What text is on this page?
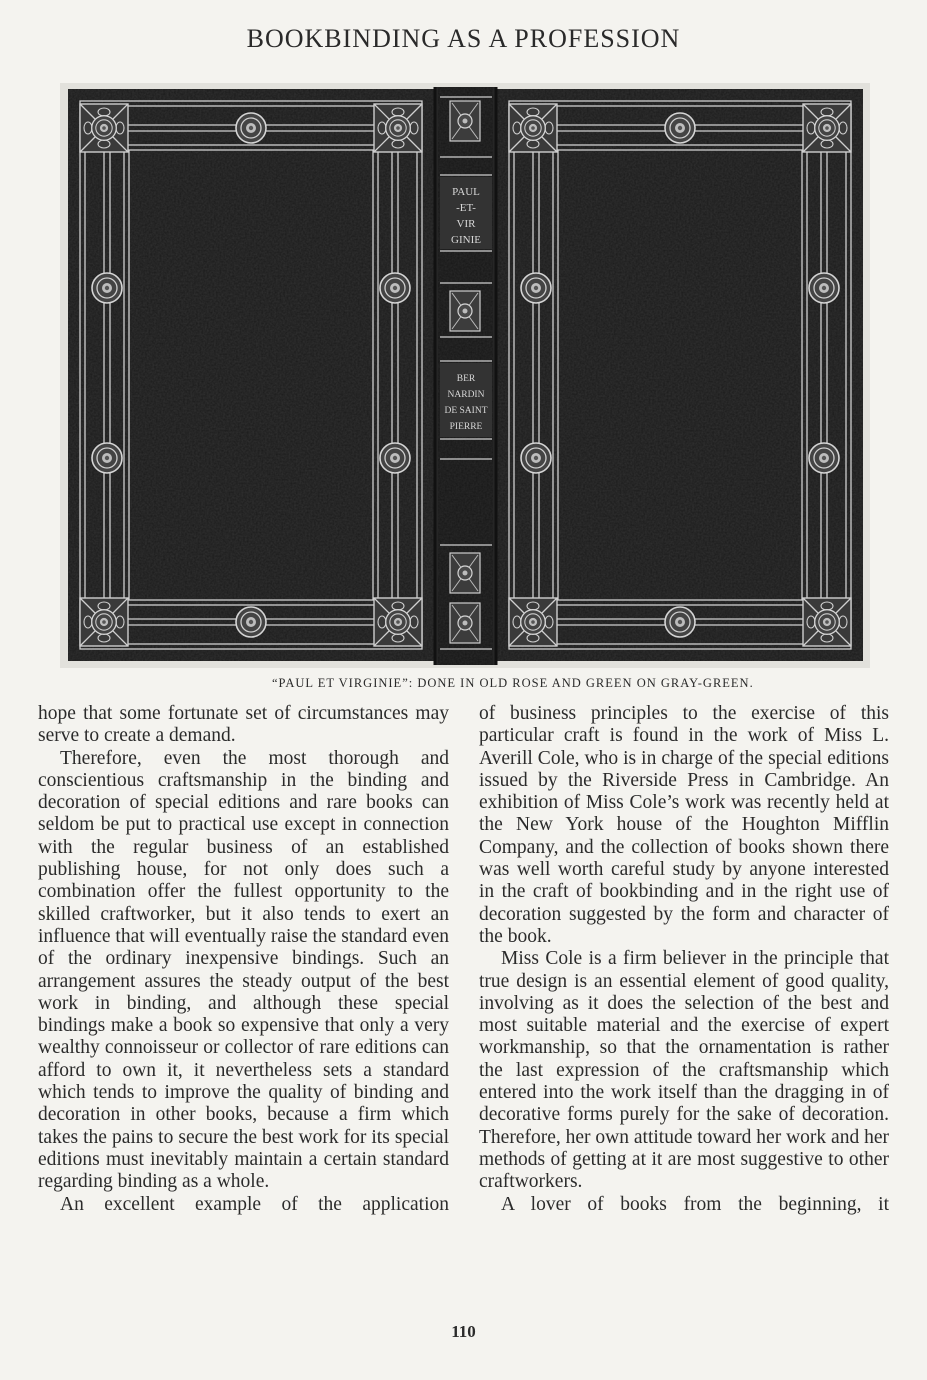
BOOKBINDING AS A PROFESSION
PAUL
-ET-
VIR
GINIE
BER
NARDIN
DE SAINT
PIERRE
“PAUL ET VIRGINIE”: DONE IN OLD ROSE AND GREEN ON GRAY-GREEN.

hope that some fortunate set of circumstances may serve to create a demand.

Therefore, even the most thorough and conscientious craftsmanship in the binding and decoration of special editions and rare books can seldom be put to practical use except in connection with the regular business of an established publishing house, for not only does such a combination offer the fullest opportunity to the skilled craftworker, but it also tends to exert an influence that will eventually raise the standard even of the ordinary inexpensive bindings. Such an arrangement assures the steady output of the best work in binding, and although these special bindings make a book so expensive that only a very wealthy connoisseur or collector of rare editions can afford to own it, it nevertheless sets a standard which tends to improve the quality of binding and decoration in other books, because a firm which takes the pains to secure the best work for its special editions must inevitably maintain a certain standard regarding binding as a whole.

An excellent example of the application

of business principles to the exercise of this particular craft is found in the work of Miss L. Averill Cole, who is in charge of the special editions issued by the Riverside Press in Cambridge. An exhibition of Miss Cole’s work was recently held at the New York house of the Houghton Mifflin Company, and the collection of books shown there was well worth careful study by anyone interested in the craft of bookbinding and in the right use of decoration suggested by the form and character of the book.

Miss Cole is a firm believer in the principle that true design is an essential element of good quality, involving as it does the selection of the best and most suitable material and the exercise of expert workmanship, so that the ornamentation is rather the last expression of the craftsmanship which entered into the work itself than the dragging in of decorative forms purely for the sake of decoration. Therefore, her own attitude toward her work and her methods of getting at it are most suggestive to other craftworkers.

A lover of books from the beginning, it

110
